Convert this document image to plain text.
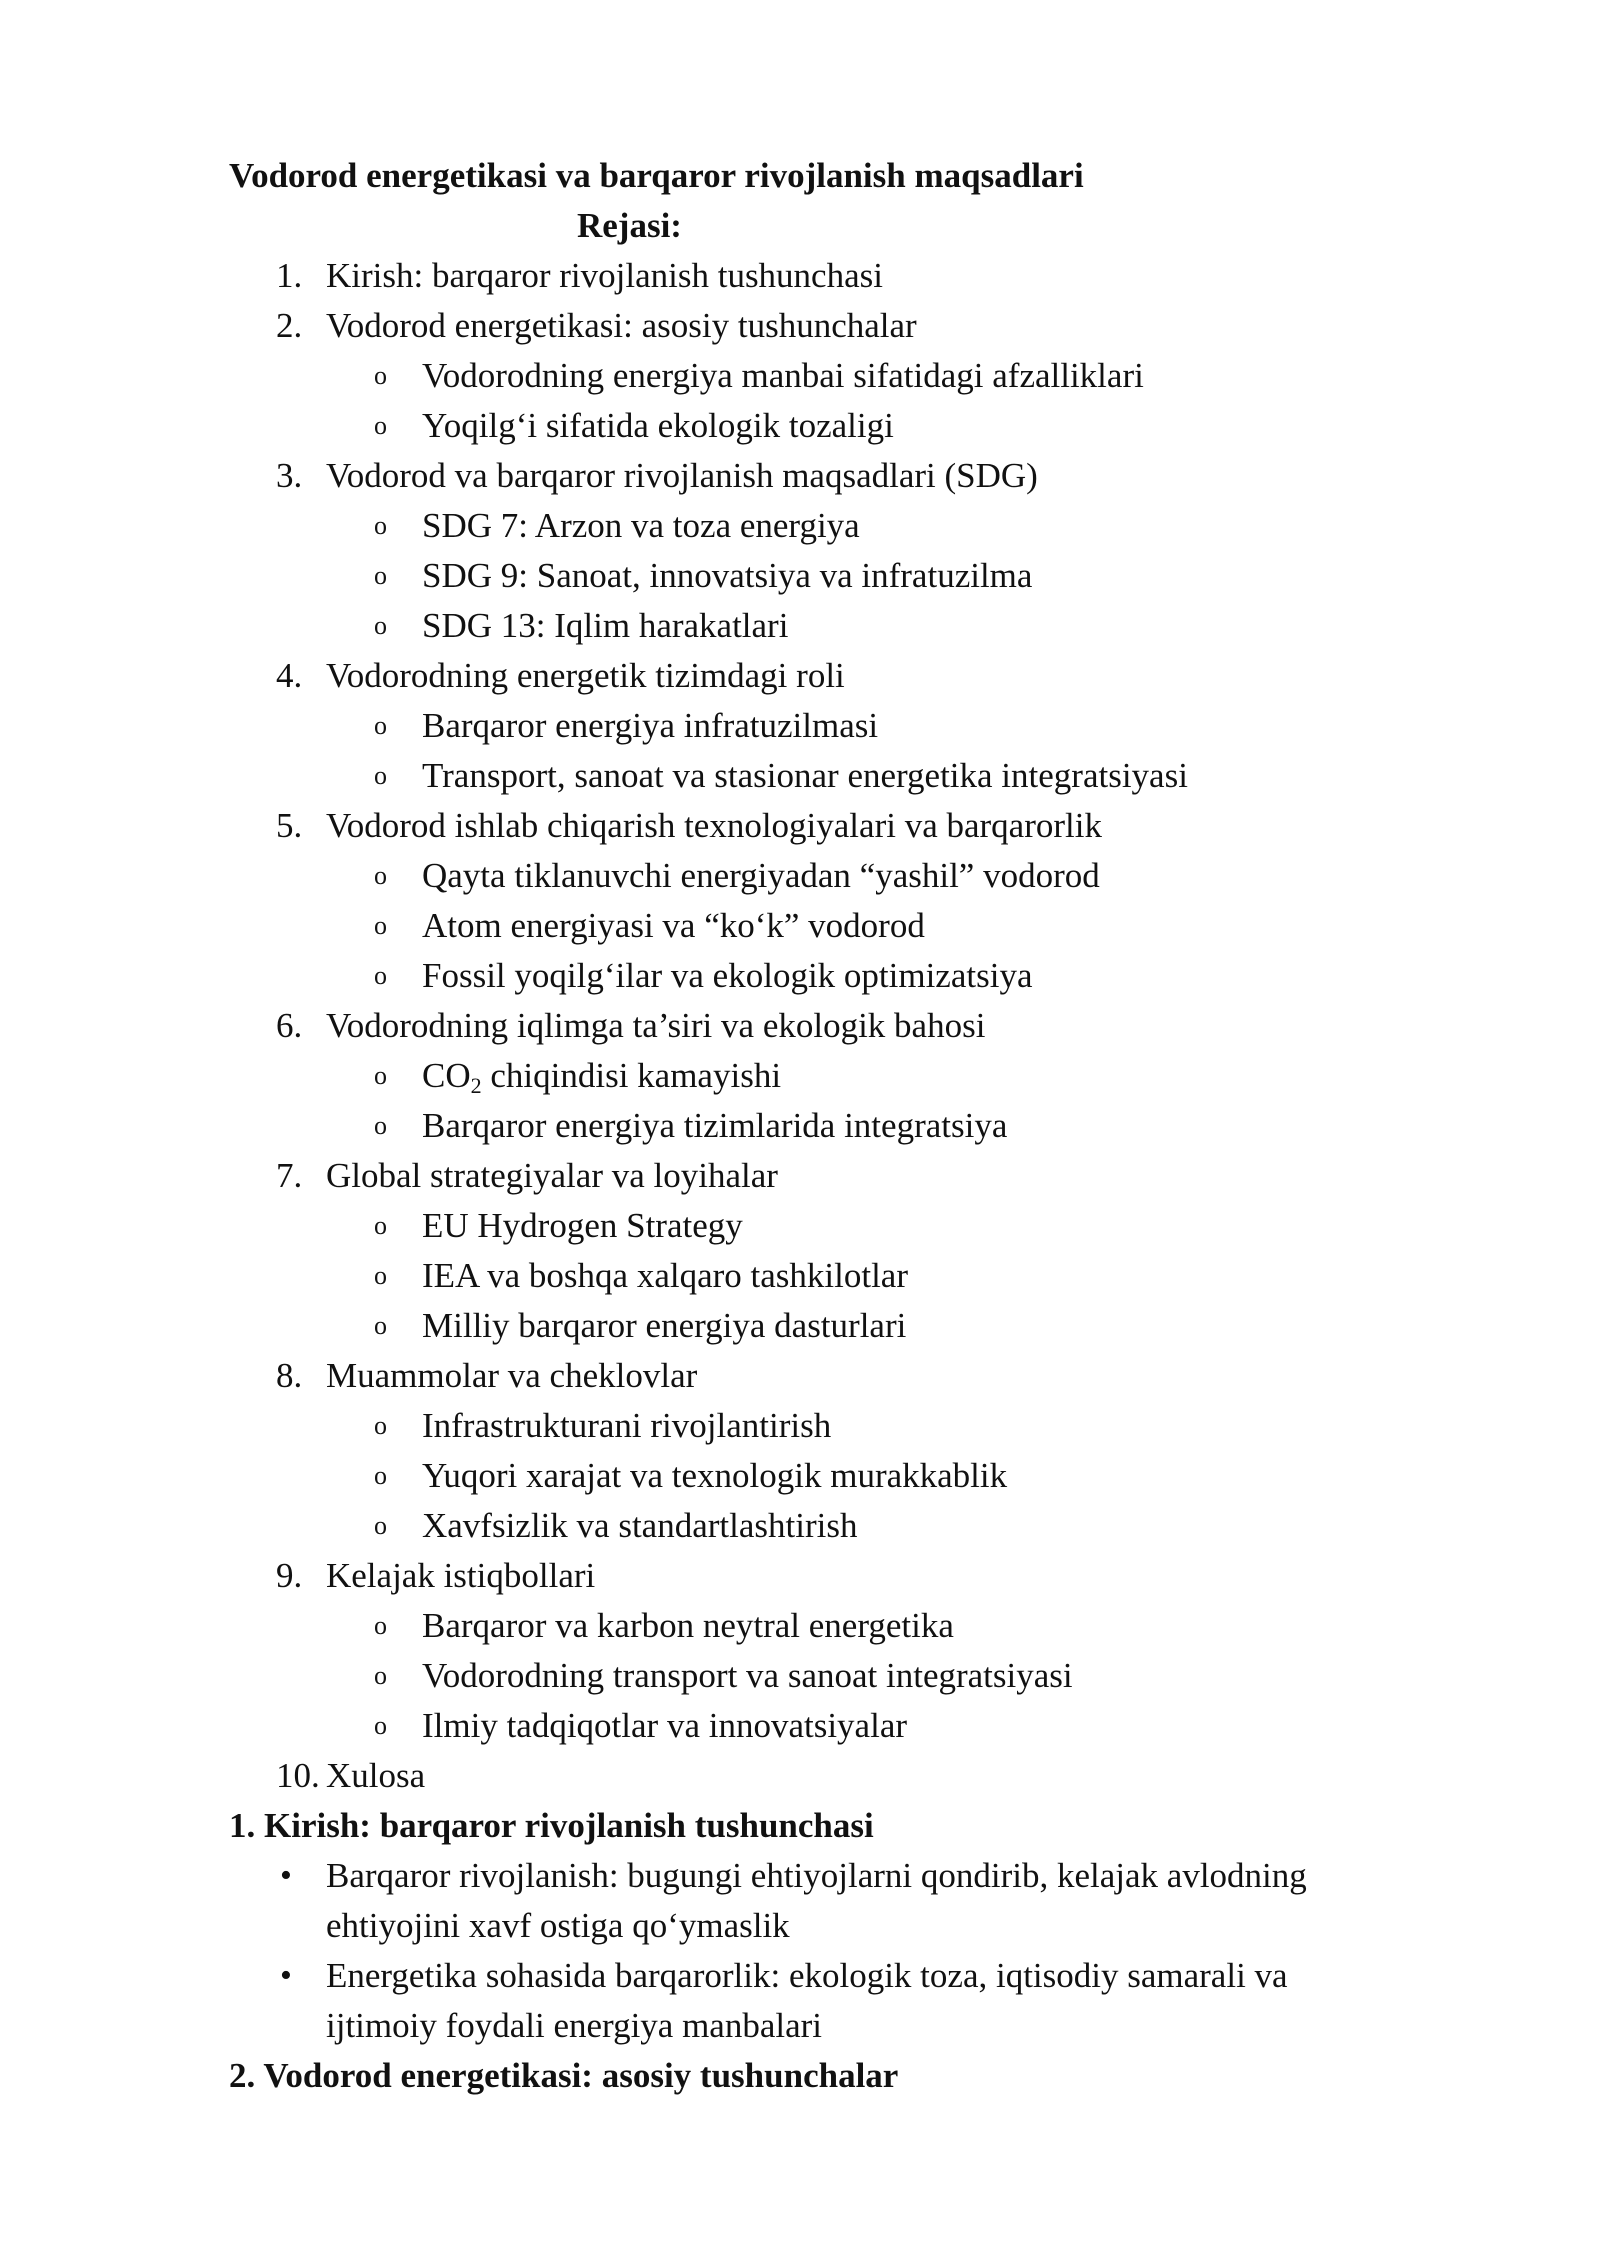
Vodorod energetikasi va barqaror rivojlanish maqsadlari
Rejasi:
1. Kirish: barqaror rivojlanish tushunchasi
2. Vodorod energetikasi: asosiy tushunchalar
o Vodorodning energiya manbai sifatidagi afzalliklari
o Yoqilg‘i sifatida ekologik tozaligi
3. Vodorod va barqaror rivojlanish maqsadlari (SDG)
o SDG 7: Arzon va toza energiya
o SDG 9: Sanoat, innovatsiya va infratuzilma
o SDG 13: Iqlim harakatlari
4. Vodorodning energetik tizimdagi roli
o Barqaror energiya infratuzilmasi
o Transport, sanoat va stasionar energetika integratsiyasi
5. Vodorod ishlab chiqarish texnologiyalari va barqarorlik
o Qayta tiklanuvchi energiyadan “yashil” vodorod
o Atom energiyasi va “ko‘k” vodorod
o Fossil yoqilg‘ilar va ekologik optimizatsiya
6. Vodorodning iqlimga ta’siri va ekologik bahosi
o $CO_2$ chiqindisi kamayishi
o Barqaror energiya tizimlarida integratsiya
7. Global strategiyalar va loyihalar
o EU Hydrogen Strategy
o IEA va boshqa xalqaro tashkilotlar
o Milliy barqaror energiya dasturlari
8. Muammolar va cheklovlar
o Infrastrukturani rivojlantirish
o Yuqori xarajat va texnologik murakkablik
o Xavfsizlik va standartlashtirish
9. Kelajak istiqbollari
o Barqaror va karbon neytral energetika
o Vodorodning transport va sanoat integratsiyasi
o Ilmiy tadqiqotlar va innovatsiyalar
10. Xulosa
1. Kirish: barqaror rivojlanish tushunchasi
• Barqaror rivojlanish: bugungi ehtiyojlarni qondirib, kelajak avlodning
ehtiyojini xavf ostiga qo‘ymaslik
• Energetika sohasida barqarorlik: ekologik toza, iqtisodiy samarali va
ijtimoiy foydali energiya manbalari
2. Vodorod energetikasi: asosiy tushunchalar
